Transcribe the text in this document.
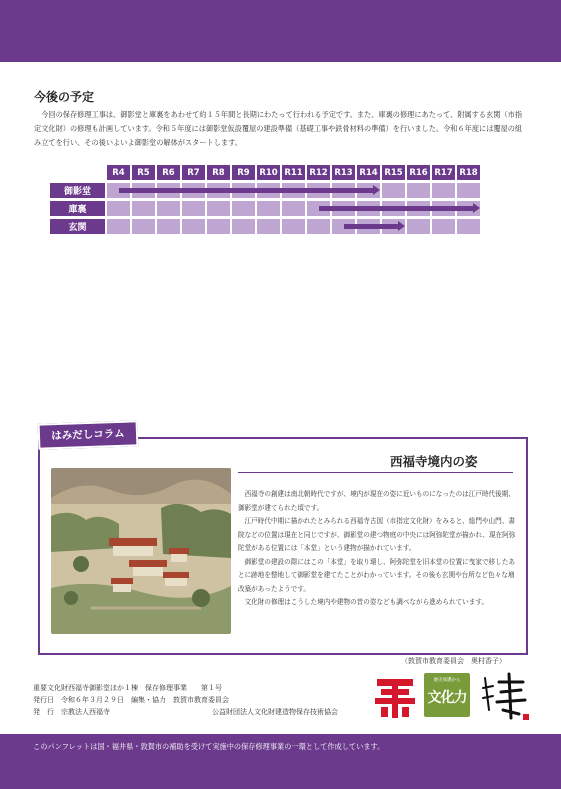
今後の予定
　今回の保存修理工事は、御影堂と庫裏をあわせて約１５年間と長期にわたって行われる予定です。また、庫裏の修理にあたって、附属する玄関（市指定文化財）の修理も計画しています。令和５年度には御影堂仮設覆屋の建設準備（基礎工事や鉄骨材料の準備）を行いました。令和６年度には覆屋の組み立てを行い、その後いよいよ御影堂の解体がスタートします。
	R4	R5	R6	R7	R8	R9	R10	R11	R12	R13	R14	R15	R16	R17	R18
御影堂	

庫裏									

玄関										

はみだしコラム
西福寺境内の姿
　西福寺の創建は南北朝時代ですが、境内が現在の姿に近いものになったのは江戸時代後期、御影堂が建てられた頃です。
　江戸時代中期に描かれたとみられる西福寺古図（市指定文化財）をみると、総門や山門、書院などの位置は現在と同じですが、御影堂の建つ物庭の中央には阿弥陀堂が描かれ、現在阿弥陀堂がある位置には「本堂」という建物が描かれています。
　御影堂の建設の際にはこの「本堂」を取り壊し、阿弥陀堂を旧本堂の位置に曳家で移したあとに跡地を整地して御影堂を建てたことがわかっています。その後も玄関や台所など色々な増改築があったようです。
　文化財の修理はこうした境内や建物の昔の姿なども調べながら進められています。
（敦賀市教育委員会　奥村香子）
重要文化財西福寺御影堂ほか１棟　保存修理事業　　第１号
発行日　令和６年３月２９日　編集・協力　敦賀市教育委員会
発　行　宗教法人西福寺	公益財団法人文化財建造物保存技術協会
歴史保護から
文化力
このパンフレットは国・福井県・敦賀市の補助を受けて実施中の保存修理事業の一環として作成しています。
